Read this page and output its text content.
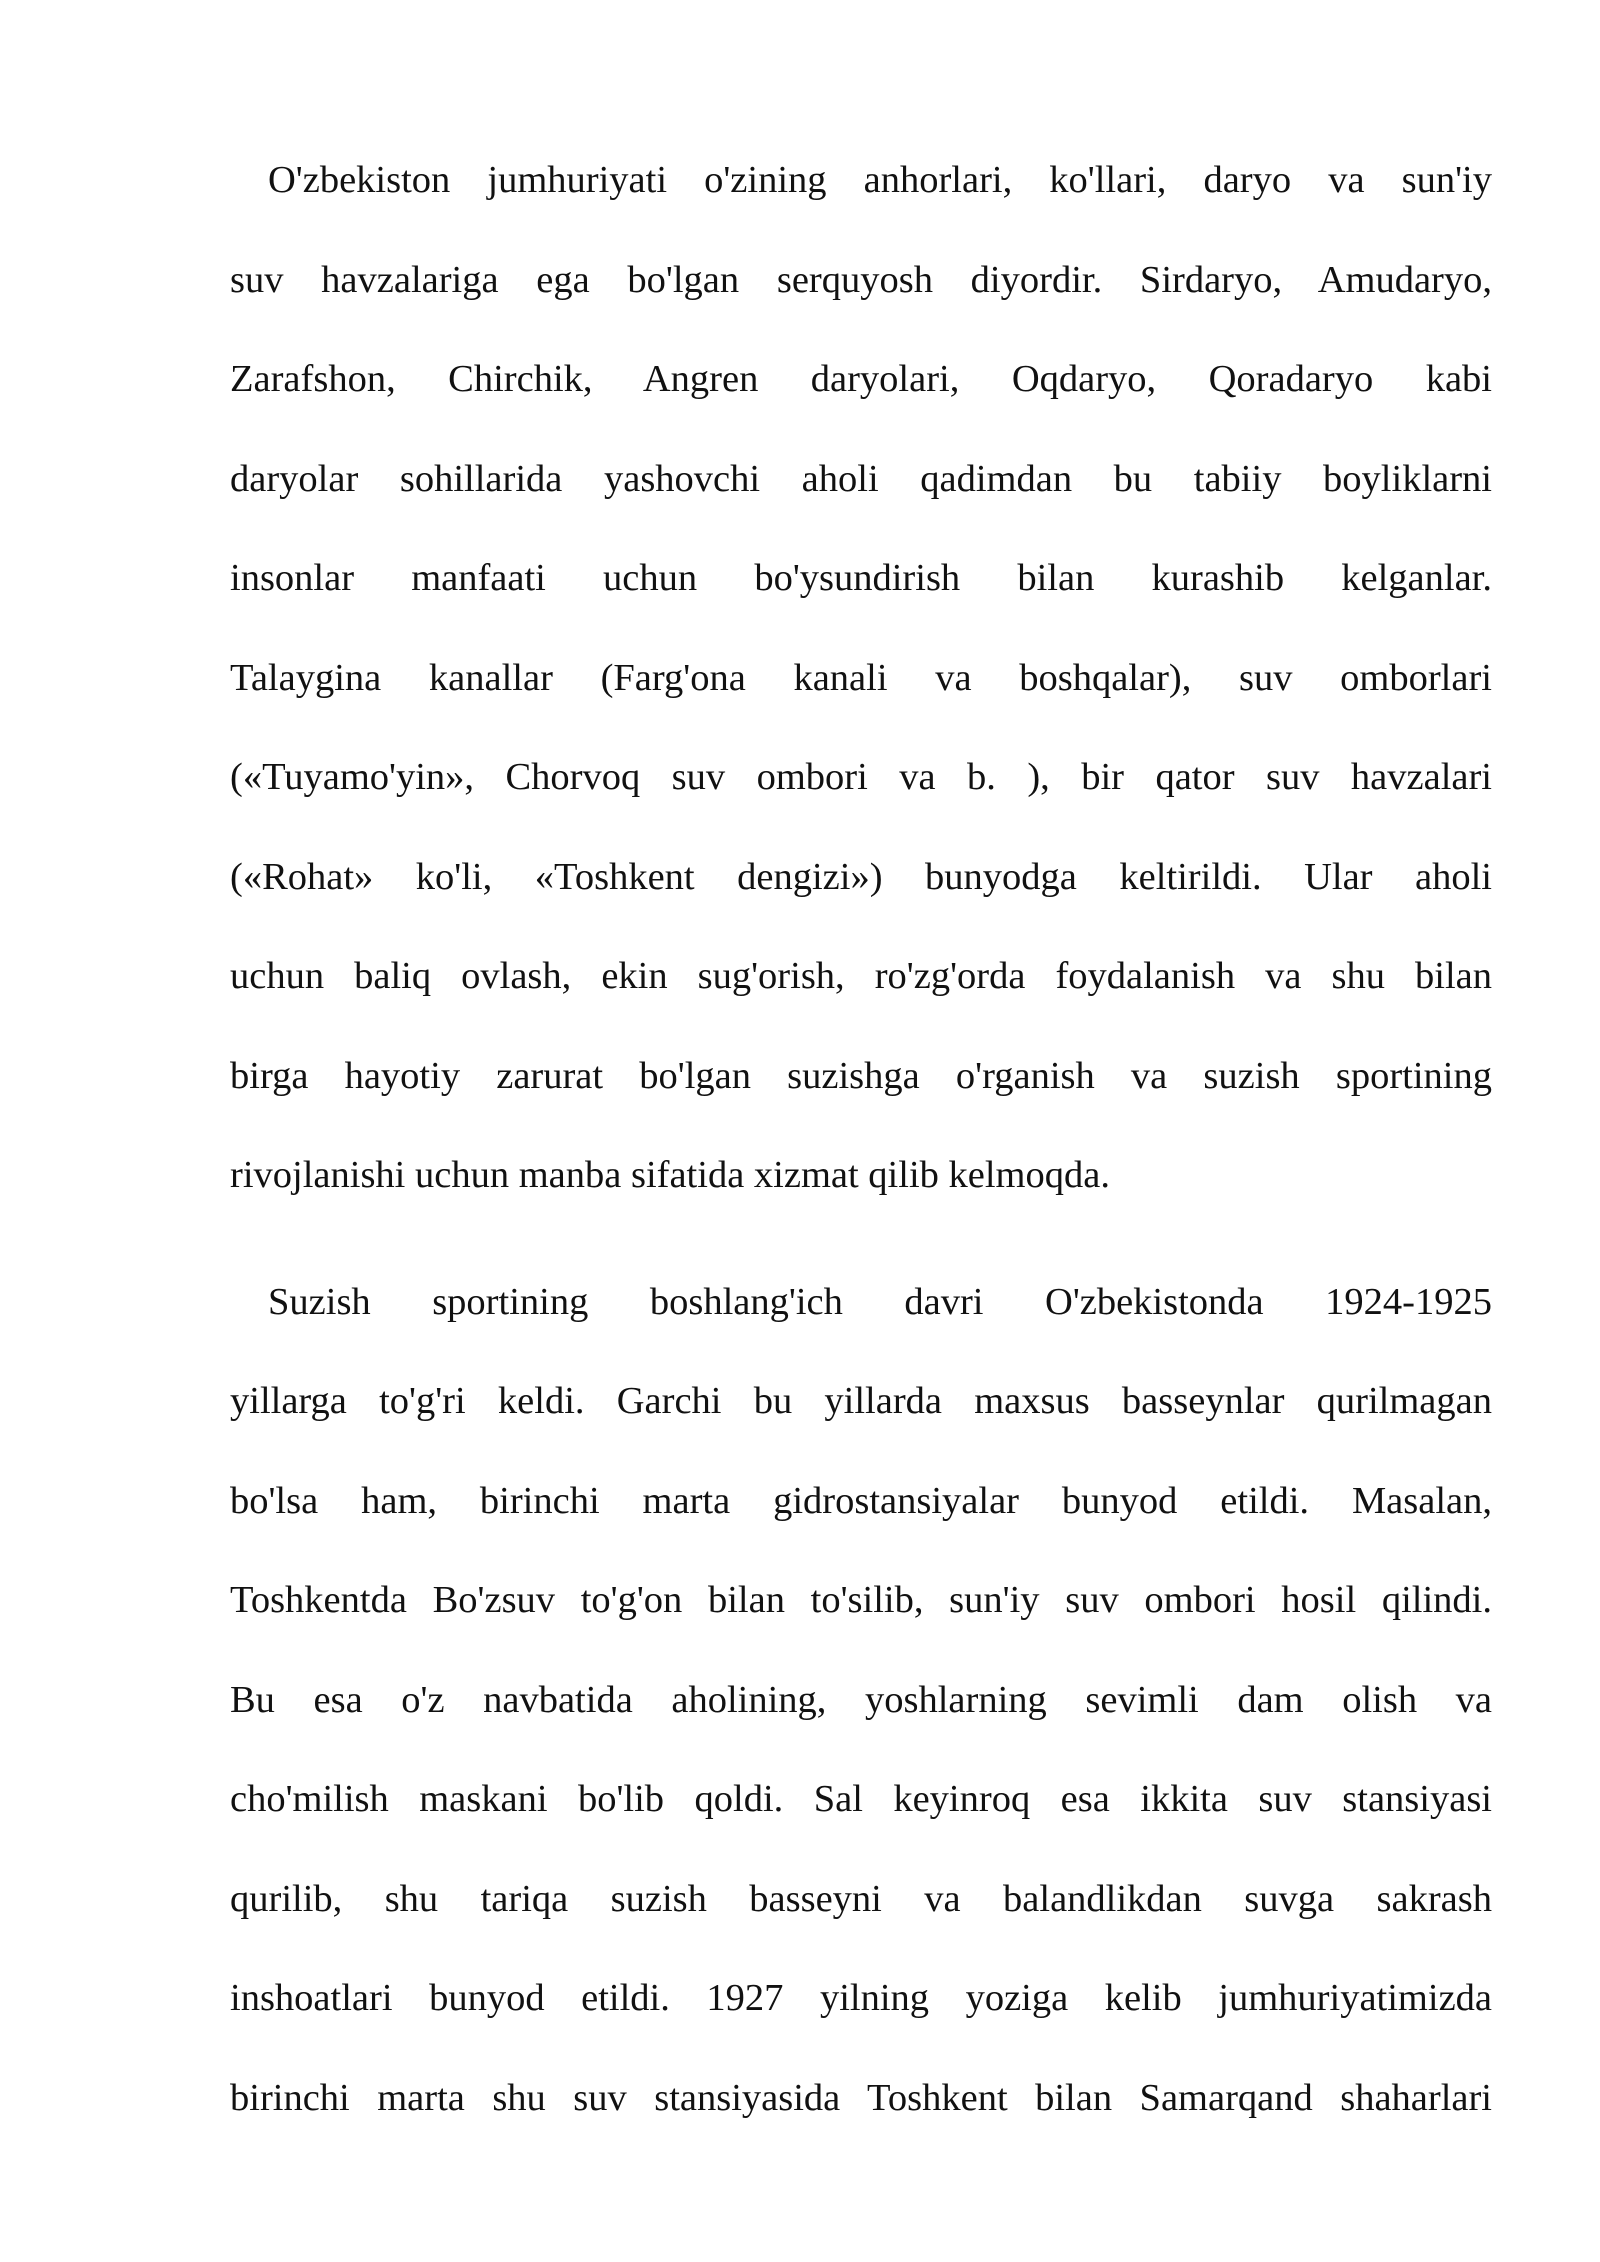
O'zbekiston jumhuriyati o'zining anhorlari, ko'llari, daryo va sun'iy
suv havzalariga ega bo'lgan serquyosh diyordir. Sirdaryo, Amudaryo,
Zarafshon, Chirchik, Angren daryolari, Oqdaryo, Qoradaryo kabi
daryolar sohillarida yashovchi aholi qadimdan bu tabiiy boyliklarni
insonlar manfaati uchun bo'ysundirish bilan kurashib kelganlar.
Talaygina kanallar (Farg'ona kanali va boshqalar), suv omborlari
(«Tuyamo'yin», Chorvoq suv ombori va b. ), bir qator suv havzalari
(«Rohat» ko'li, «Toshkent dengizi») bunyodga keltirildi. Ular aholi
uchun baliq ovlash, ekin sug'orish, ro'zg'orda foydalanish va shu bilan
birga hayotiy zarurat bo'lgan suzishga o'rganish va suzish sportining
rivojlanishi uchun manba sifatida xizmat qilib kelmoqda.
Suzish sportining boshlang'ich davri O'zbekistonda 1924-1925
yillarga to'g'ri keldi. Garchi bu yillarda maxsus basseynlar qurilmagan
bo'lsa ham, birinchi marta gidrostansiyalar bunyod etildi. Masalan,
Toshkentda Bo'zsuv to'g'on bilan to'silib, sun'iy suv ombori hosil qilindi.
Bu esa o'z navbatida aholining, yoshlarning sevimli dam olish va
cho'milish maskani bo'lib qoldi. Sal keyinroq esa ikkita suv stansiyasi
qurilib, shu tariqa suzish basseyni va balandlikdan suvga sakrash
inshoatlari bunyod etildi. 1927 yilning yoziga kelib jumhuriyatimizda
birinchi marta shu suv stansiyasida Toshkent bilan Samarqand shaharlari
